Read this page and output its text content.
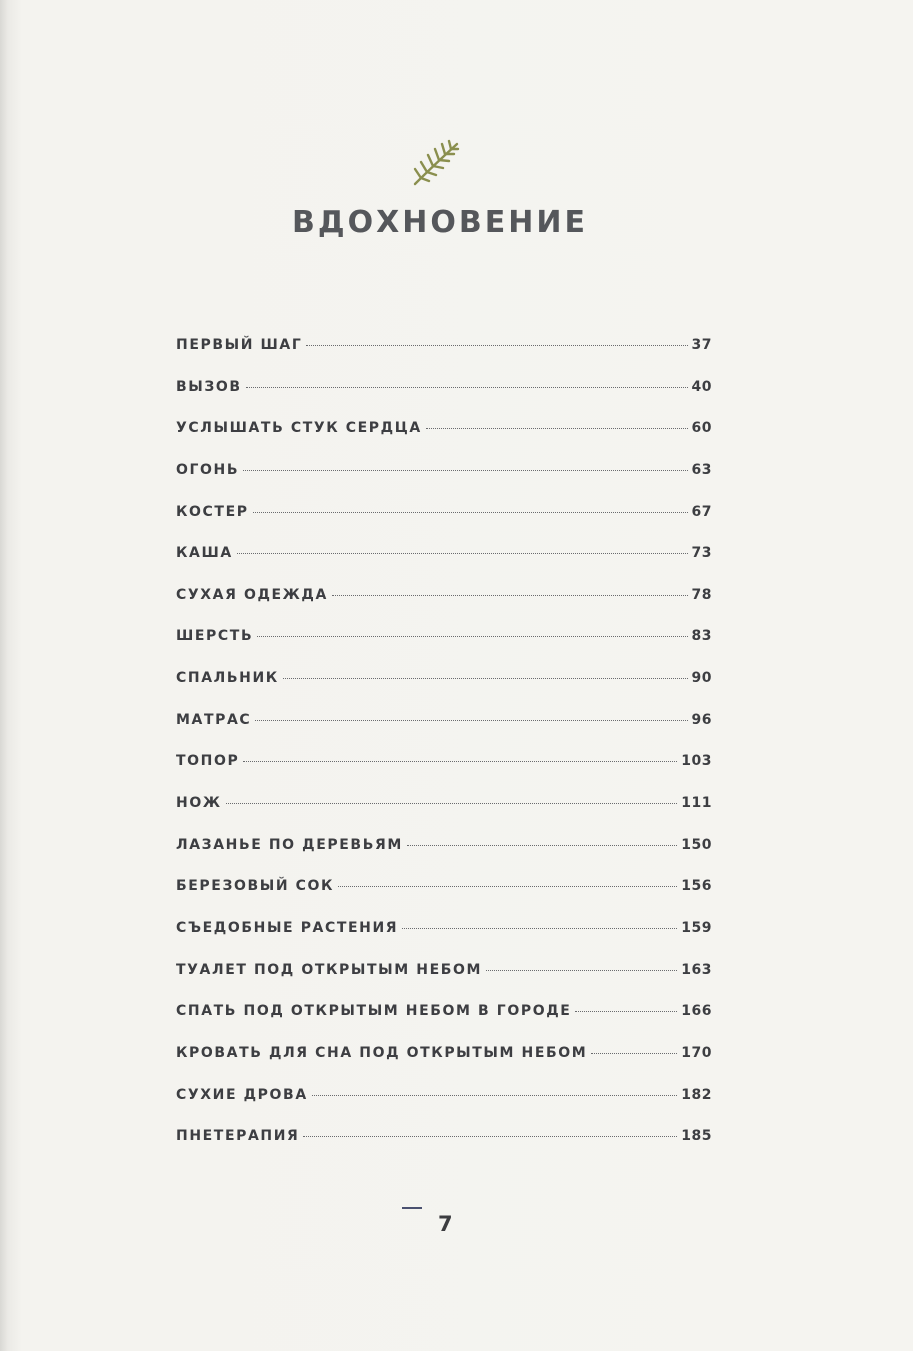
ВДОХНОВЕНИЕ
ПЕРВЫЙ ШАГ	37
ВЫЗОВ	40
УСЛЫШАТЬ СТУК СЕРДЦА	60
ОГОНЬ	63
КОСТЕР	67
КАША	73
СУХАЯ ОДЕЖДА	78
ШЕРСТЬ	83
СПАЛЬНИК	90
МАТРАС	96
ТОПОР	103
НОЖ	111
ЛАЗАНЬЕ ПО ДЕРЕВЬЯМ	150
БЕРЕЗОВЫЙ СОК	156
СЪЕДОБНЫЕ РАСТЕНИЯ	159
ТУАЛЕТ ПОД ОТКРЫТЫМ НЕБОМ	163
СПАТЬ ПОД ОТКРЫТЫМ НЕБОМ В ГОРОДЕ	166
КРОВАТЬ ДЛЯ СНА ПОД ОТКРЫТЫМ НЕБОМ	170
СУХИЕ ДРОВА	182
ПНЕТЕРАПИЯ	185
7
